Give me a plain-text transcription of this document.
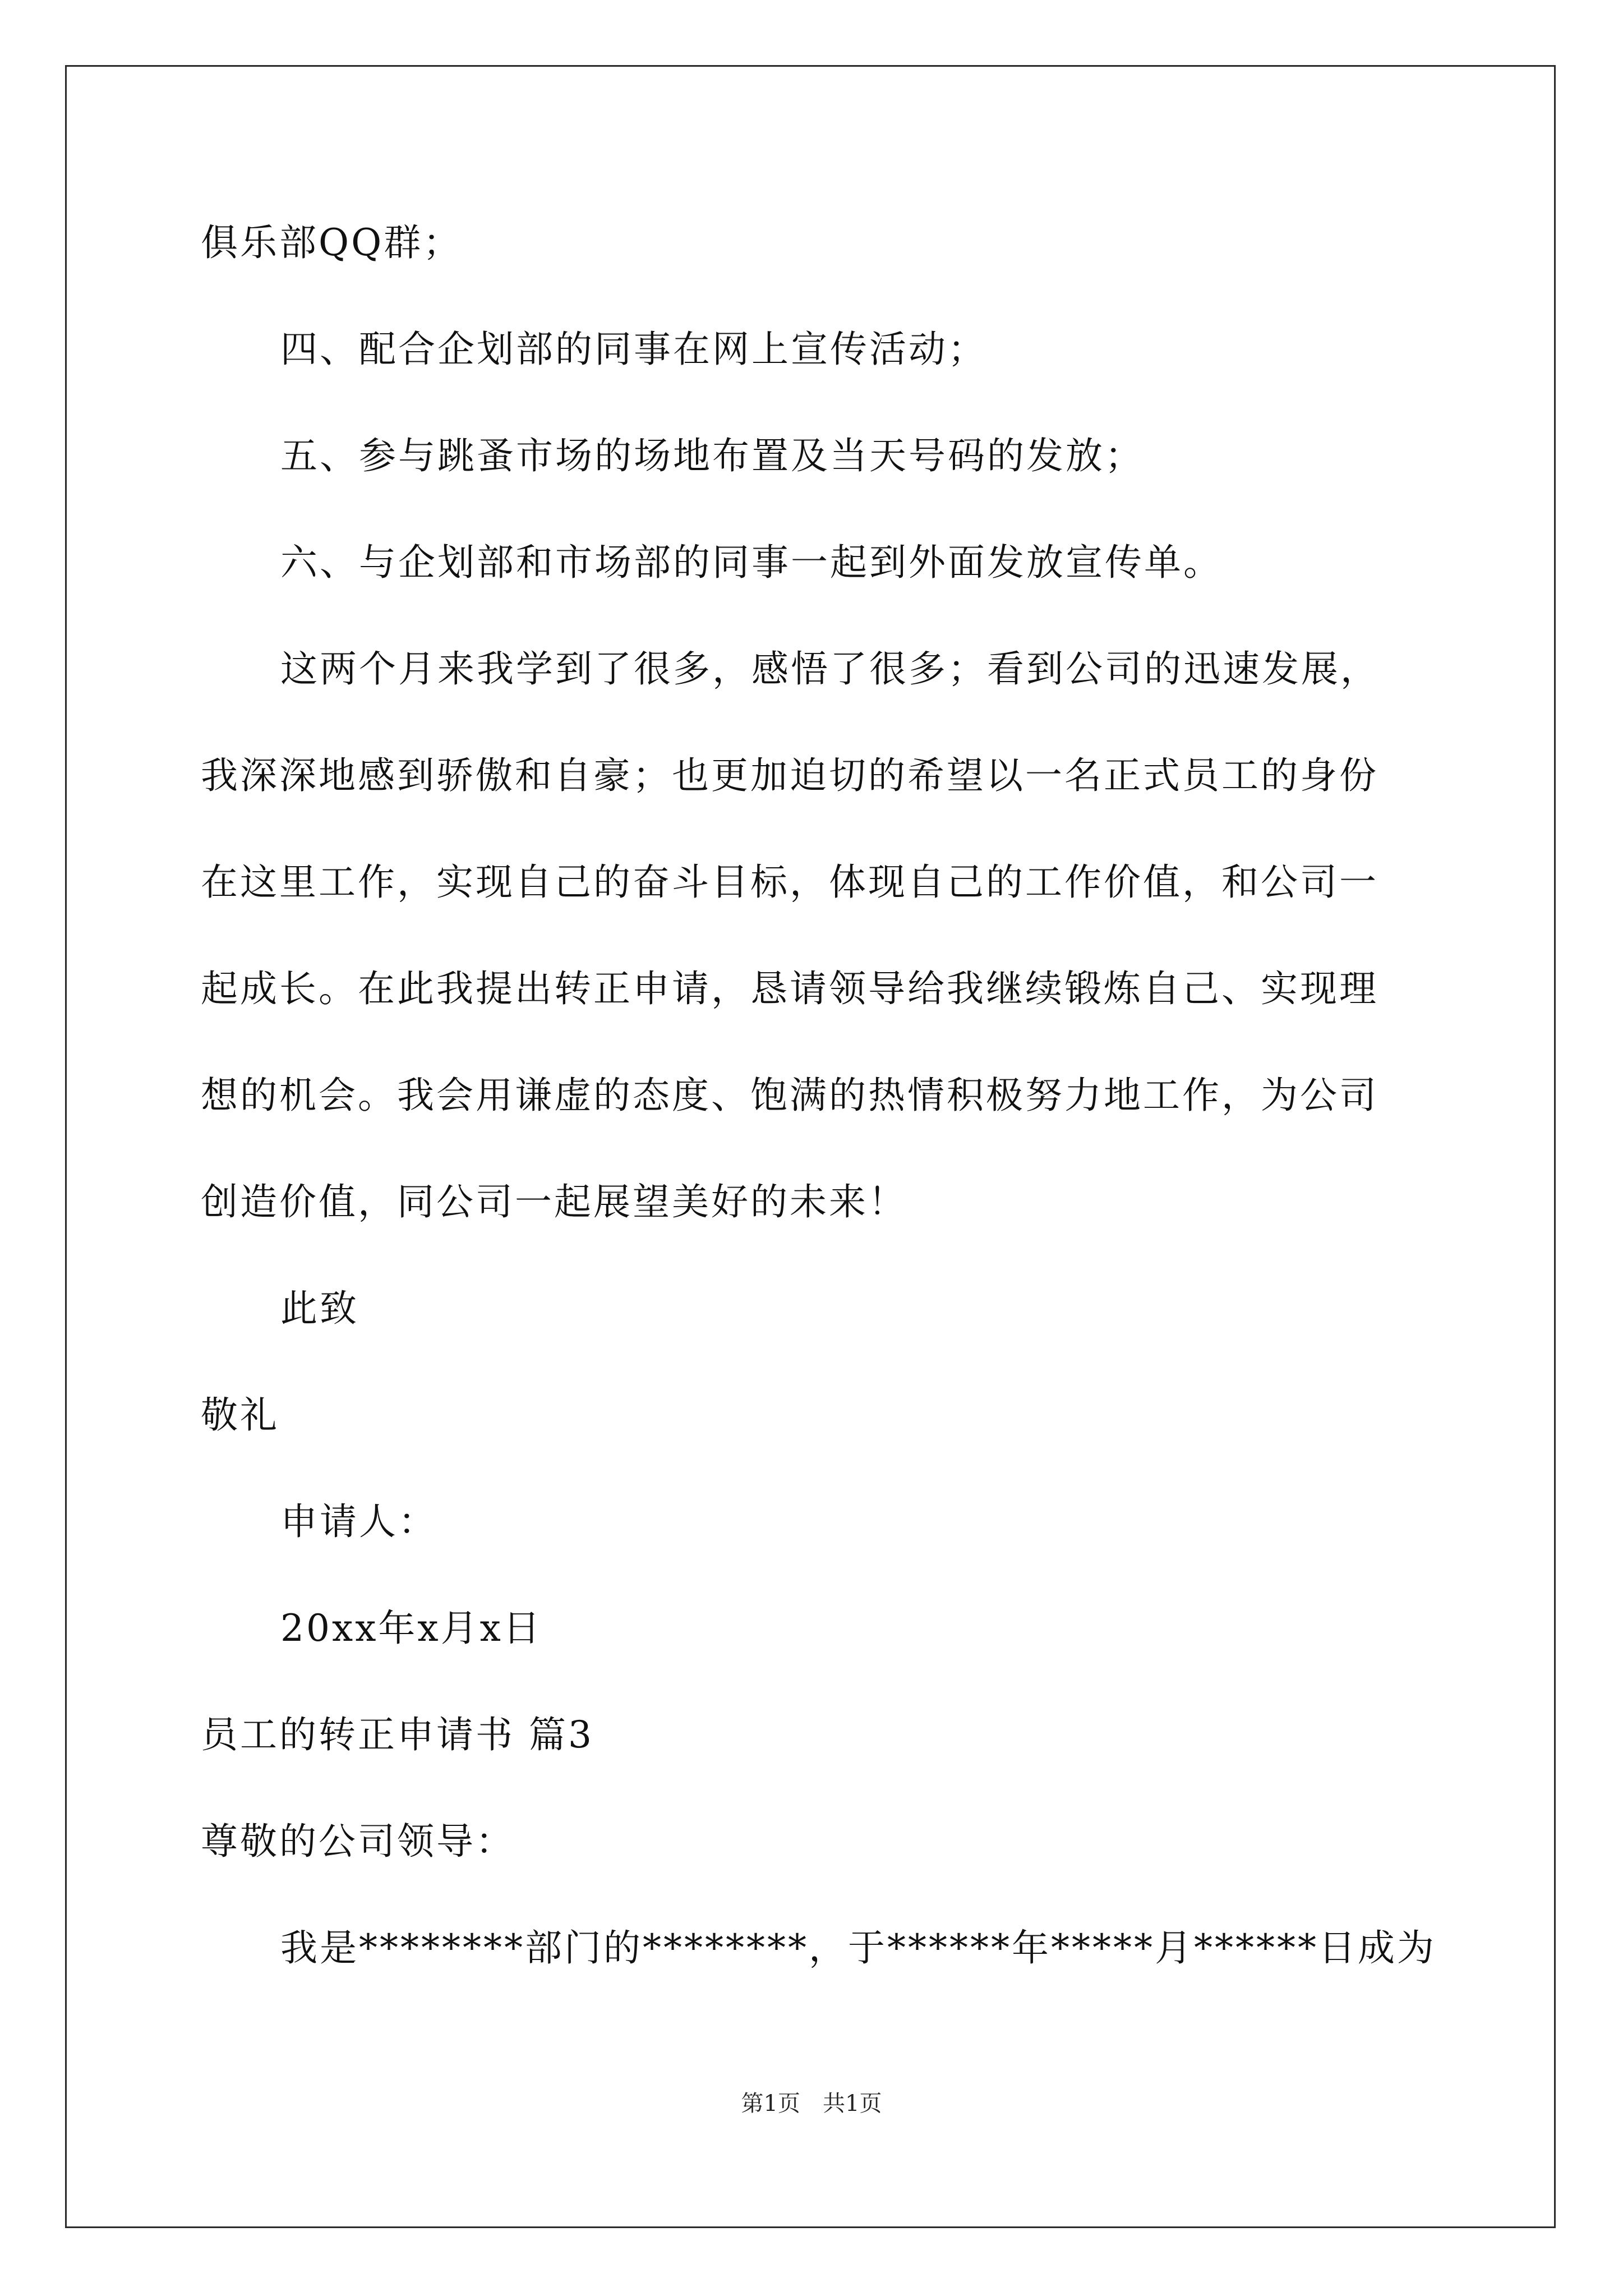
俱乐部QQ群；
四、配合企划部的同事在网上宣传活动；
五、参与跳蚤市场的场地布置及当天号码的发放；
六、与企划部和市场部的同事一起到外面发放宣传单。
这两个月来我学到了很多，感悟了很多；看到公司的迅速发展，
我深深地感到骄傲和自豪；也更加迫切的希望以一名正式员工的身份
在这里工作，实现自己的奋斗目标，体现自己的工作价值，和公司一
起成长。在此我提出转正申请，恳请领导给我继续锻炼自己、实现理
想的机会。我会用谦虚的态度、饱满的热情积极努力地工作，为公司
创造价值，同公司一起展望美好的未来！
此致
敬礼
申请人：
20xx年x月x日
员工的转正申请书 篇3
尊敬的公司领导：
我是********部门的********，于******年*****月******日成为
第1页　共1页
